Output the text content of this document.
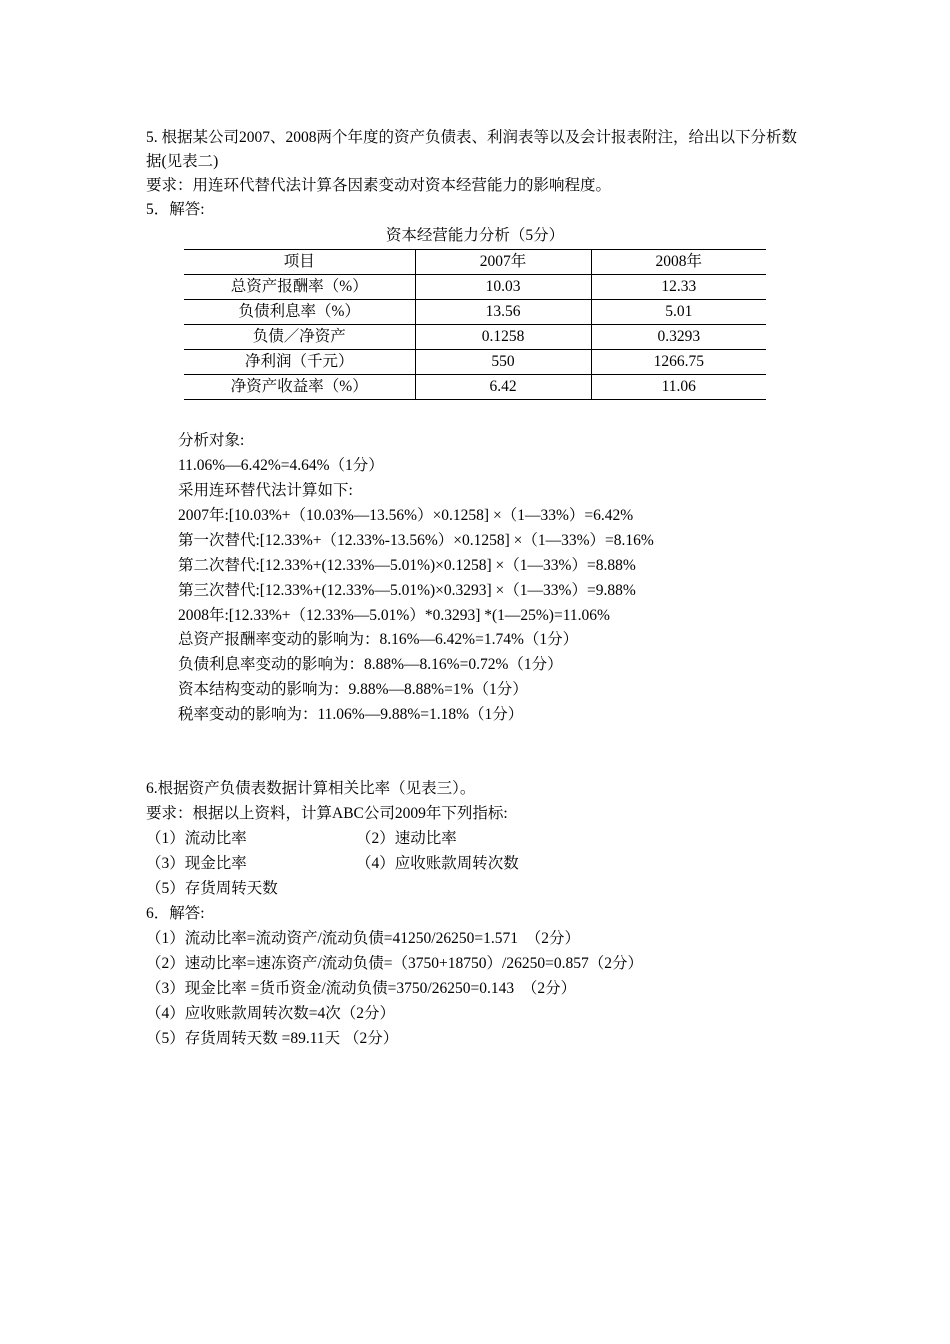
5. 根据某公司2007、2008两个年度的资产负债表、利润表等以及会计报表附注，给出以下分析数据(见表二)
要求：用连环代替代法计算各因素变动对资本经营能力的影响程度。
5．解答:
资本经营能力分析（5分）
项目	2007年	2008年
总资产报酬率（%）	10.03	12.33
负债利息率（%）	13.56	5.01
负债／净资产	0.1258	0.3293
净利润（千元）	550	1266.75
净资产收益率（%）	6.42	11.06
分析对象:
11.06%—6.42%=4.64%（1分）
采用连环替代法计算如下:
2007年:[10.03%+（10.03%—13.56%）×0.1258] ×（1—33%）=6.42%
第一次替代:[12.33%+（12.33%-13.56%）×0.1258] ×（1—33%）=8.16%
第二次替代:[12.33%+(12.33%—5.01%)×0.1258] ×（1—33%）=8.88%
第三次替代:[12.33%+(12.33%—5.01%)×0.3293] ×（1—33%）=9.88%
2008年:[12.33%+（12.33%—5.01%）*0.3293] *(1—25%)=11.06%
总资产报酬率变动的影响为：8.16%—6.42%=1.74%（1分）
负债利息率变动的影响为：8.88%—8.16%=0.72%（1分）
资本结构变动的影响为：9.88%—8.88%=1%（1分）
税率变动的影响为：11.06%—9.88%=1.18%（1分）
6.根据资产负债表数据计算相关比率（见表三）。
要求：根据以上资料，计算ABC公司2009年下列指标:
（1）流动比率	（2）速动比率
（3）现金比率	（4）应收账款周转次数
（5）存货周转天数
6．解答:
（1）流动比率=流动资产/流动负债=41250/26250=1.571　（2分）
（2）速动比率=速冻资产/流动负债=（3750+18750）/26250=0.857（2分）
（3）现金比率 =货币资金/流动负债=3750/26250=0.143　（2分）
（4）应收账款周转次数=4次（2分）
（5）存货周转天数 =89.11天 （2分）
